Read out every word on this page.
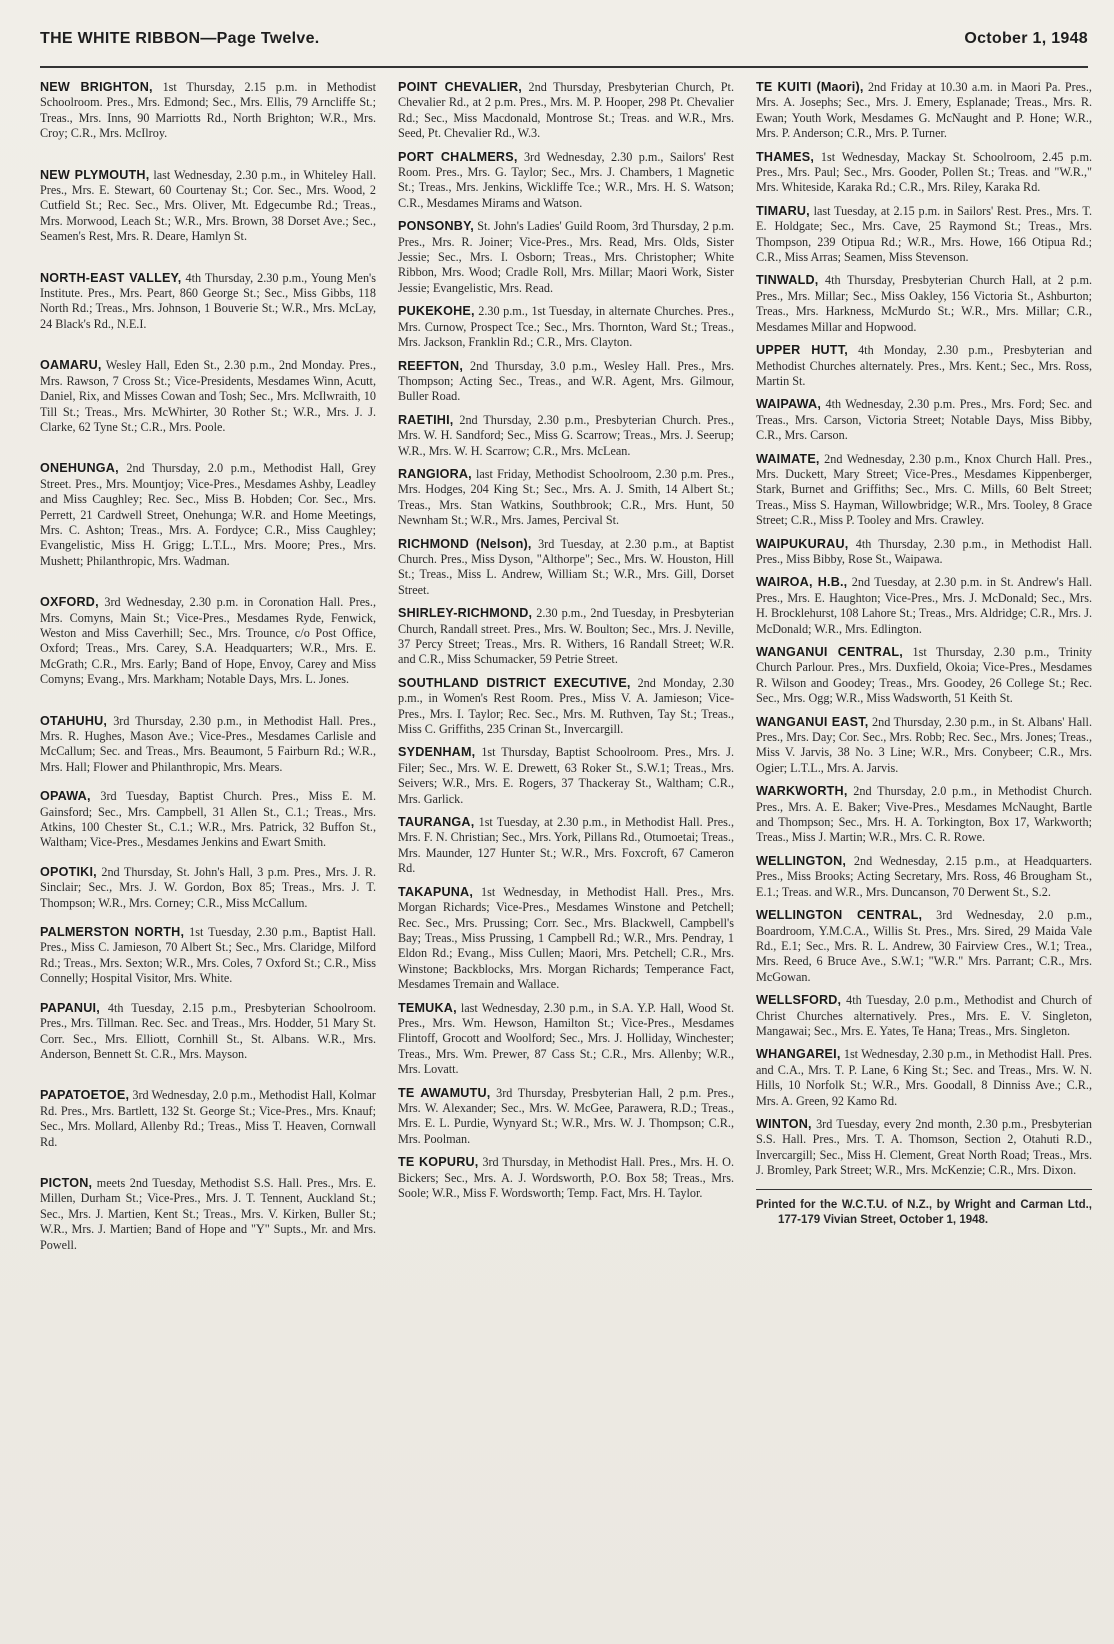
THE WHITE RIBBON—Page Twelve.	October 1, 1948

NEW BRIGHTON, 1st Thursday, 2.15 p.m. in Methodist Schoolroom. Pres., Mrs. Edmond; Sec., Mrs. Ellis, 79 Arncliffe St.; Treas., Mrs. Inns, 90 Marriotts Rd., North Brighton; W.R., Mrs. Croy; C.R., Mrs. McIlroy.

NEW PLYMOUTH, last Wednesday, 2.30 p.m., in Whiteley Hall. Pres., Mrs. E. Stewart, 60 Courtenay St.; Cor. Sec., Mrs. Wood, 2 Cutfield St.; Rec. Sec., Mrs. Oliver, Mt. Edgecumbe Rd.; Treas., Mrs. Morwood, Leach St.; W.R., Mrs. Brown, 38 Dorset Ave.; Sec., Seamen's Rest, Mrs. R. Deare, Hamlyn St.

NORTH-EAST VALLEY, 4th Thursday, 2.30 p.m., Young Men's Institute. Pres., Mrs. Peart, 860 George St.; Sec., Miss Gibbs, 118 North Rd.; Treas., Mrs. Johnson, 1 Bouverie St.; W.R., Mrs. McLay, 24 Black's Rd., N.E.I.

OAMARU, Wesley Hall, Eden St., 2.30 p.m., 2nd Monday. Pres., Mrs. Rawson, 7 Cross St.; Vice-Presidents, Mesdames Winn, Acutt, Daniel, Rix, and Misses Cowan and Tosh; Sec., Mrs. McIlwraith, 10 Till St.; Treas., Mrs. McWhirter, 30 Rother St.; W.R., Mrs. J. J. Clarke, 62 Tyne St.; C.R., Mrs. Poole.

ONEHUNGA, 2nd Thursday, 2.0 p.m., Methodist Hall, Grey Street. Pres., Mrs. Mountjoy; Vice-Pres., Mesdames Ashby, Leadley and Miss Caughley; Rec. Sec., Miss B. Hobden; Cor. Sec., Mrs. Perrett, 21 Cardwell Street, Onehunga; W.R. and Home Meetings, Mrs. C. Ashton; Treas., Mrs. A. Fordyce; C.R., Miss Caughley; Evangelistic, Miss H. Grigg; L.T.L., Mrs. Moore; Pres., Mrs. Mushett; Philanthropic, Mrs. Wadman.

OXFORD, 3rd Wednesday, 2.30 p.m. in Coronation Hall. Pres., Mrs. Comyns, Main St.; Vice-Pres., Mesdames Ryde, Fenwick, Weston and Miss Caverhill; Sec., Mrs. Trounce, c/o Post Office, Oxford; Treas., Mrs. Carey, S.A. Headquarters; W.R., Mrs. E. McGrath; C.R., Mrs. Early; Band of Hope, Envoy, Carey and Miss Comyns; Evang., Mrs. Markham; Notable Days, Mrs. L. Jones.

OTAHUHU, 3rd Thursday, 2.30 p.m., in Methodist Hall. Pres., Mrs. R. Hughes, Mason Ave.; Vice-Pres., Mesdames Carlisle and McCallum; Sec. and Treas., Mrs. Beaumont, 5 Fairburn Rd.; W.R., Mrs. Hall; Flower and Philanthropic, Mrs. Mears.

OPAWA, 3rd Tuesday, Baptist Church. Pres., Miss E. M. Gainsford; Sec., Mrs. Campbell, 31 Allen St., C.1.; Treas., Mrs. Atkins, 100 Chester St., C.1.; W.R., Mrs. Patrick, 32 Buffon St., Waltham; Vice-Pres., Mesdames Jenkins and Ewart Smith.

OPOTIKI, 2nd Thursday, St. John's Hall, 3 p.m. Pres., Mrs. J. R. Sinclair; Sec., Mrs. J. W. Gordon, Box 85; Treas., Mrs. J. T. Thompson; W.R., Mrs. Corney; C.R., Miss McCallum.

PALMERSTON NORTH, 1st Tuesday, 2.30 p.m., Baptist Hall. Pres., Miss C. Jamieson, 70 Albert St.; Sec., Mrs. Claridge, Milford Rd.; Treas., Mrs. Sexton; W.R., Mrs. Coles, 7 Oxford St.; C.R., Miss Connelly; Hospital Visitor, Mrs. White.

PAPANUI, 4th Tuesday, 2.15 p.m., Presbyterian Schoolroom. Pres., Mrs. Tillman. Rec. Sec. and Treas., Mrs. Hodder, 51 Mary St. Corr. Sec., Mrs. Elliott, Cornhill St., St. Albans. W.R., Mrs. Anderson, Bennett St. C.R., Mrs. Mayson.

PAPATOETOE, 3rd Wednesday, 2.0 p.m., Methodist Hall, Kolmar Rd. Pres., Mrs. Bartlett, 132 St. George St.; Vice-Pres., Mrs. Knauf; Sec., Mrs. Mollard, Allenby Rd.; Treas., Miss T. Heaven, Cornwall Rd.

PICTON, meets 2nd Tuesday, Methodist S.S. Hall. Pres., Mrs. E. Millen, Durham St.; Vice-Pres., Mrs. J. T. Tennent, Auckland St.; Sec., Mrs. J. Martien, Kent St.; Treas., Mrs. V. Kirken, Buller St.; W.R., Mrs. J. Martien; Band of Hope and "Y" Supts., Mr. and Mrs. Powell.

POINT CHEVALIER, 2nd Thursday, Presbyterian Church, Pt. Chevalier Rd., at 2 p.m. Pres., Mrs. M. P. Hooper, 298 Pt. Chevalier Rd.; Sec., Miss Macdonald, Montrose St.; Treas. and W.R., Mrs. Seed, Pt. Chevalier Rd., W.3.

PORT CHALMERS, 3rd Wednesday, 2.30 p.m., Sailors' Rest Room. Pres., Mrs. G. Taylor; Sec., Mrs. J. Chambers, 1 Magnetic St.; Treas., Mrs. Jenkins, Wickliffe Tce.; W.R., Mrs. H. S. Watson; C.R., Mesdames Mirams and Watson.

PONSONBY, St. John's Ladies' Guild Room, 3rd Thursday, 2 p.m. Pres., Mrs. R. Joiner; Vice-Pres., Mrs. Read, Mrs. Olds, Sister Jessie; Sec., Mrs. I. Osborn; Treas., Mrs. Christopher; White Ribbon, Mrs. Wood; Cradle Roll, Mrs. Millar; Maori Work, Sister Jessie; Evangelistic, Mrs. Read.

PUKEKOHE, 2.30 p.m., 1st Tuesday, in alternate Churches. Pres., Mrs. Curnow, Prospect Tce.; Sec., Mrs. Thornton, Ward St.; Treas., Mrs. Jackson, Franklin Rd.; C.R., Mrs. Clayton.

REEFTON, 2nd Thursday, 3.0 p.m., Wesley Hall. Pres., Mrs. Thompson; Acting Sec., Treas., and W.R. Agent, Mrs. Gilmour, Buller Road.

RAETIHI, 2nd Thursday, 2.30 p.m., Presbyterian Church. Pres., Mrs. W. H. Sandford; Sec., Miss G. Scarrow; Treas., Mrs. J. Seerup; W.R., Mrs. W. H. Scarrow; C.R., Mrs. McLean.

RANGIORA, last Friday, Methodist Schoolroom, 2.30 p.m. Pres., Mrs. Hodges, 204 King St.; Sec., Mrs. A. J. Smith, 14 Albert St.; Treas., Mrs. Stan Watkins, Southbrook; C.R., Mrs. Hunt, 50 Newnham St.; W.R., Mrs. James, Percival St.

RICHMOND (Nelson), 3rd Tuesday, at 2.30 p.m., at Baptist Church. Pres., Miss Dyson, "Althorpe"; Sec., Mrs. W. Houston, Hill St.; Treas., Miss L. Andrew, William St.; W.R., Mrs. Gill, Dorset Street.

SHIRLEY-RICHMOND, 2.30 p.m., 2nd Tuesday, in Presbyterian Church, Randall street. Pres., Mrs. W. Boulton; Sec., Mrs. J. Neville, 37 Percy Street; Treas., Mrs. R. Withers, 16 Randall Street; W.R. and C.R., Miss Schumacker, 59 Petrie Street.

SOUTHLAND DISTRICT EXECUTIVE, 2nd Monday, 2.30 p.m., in Women's Rest Room. Pres., Miss V. A. Jamieson; Vice-Pres., Mrs. I. Taylor; Rec. Sec., Mrs. M. Ruthven, Tay St.; Treas., Miss C. Griffiths, 235 Crinan St., Invercargill.

SYDENHAM, 1st Thursday, Baptist Schoolroom. Pres., Mrs. J. Filer; Sec., Mrs. W. E. Drewett, 63 Roker St., S.W.1; Treas., Mrs. Seivers; W.R., Mrs. E. Rogers, 37 Thackeray St., Waltham; C.R., Mrs. Garlick.

TAURANGA, 1st Tuesday, at 2.30 p.m., in Methodist Hall. Pres., Mrs. F. N. Christian; Sec., Mrs. York, Pillans Rd., Otumoetai; Treas., Mrs. Maunder, 127 Hunter St.; W.R., Mrs. Foxcroft, 67 Cameron Rd.

TAKAPUNA, 1st Wednesday, in Methodist Hall. Pres., Mrs. Morgan Richards; Vice-Pres., Mesdames Winstone and Petchell; Rec. Sec., Mrs. Prussing; Corr. Sec., Mrs. Blackwell, Campbell's Bay; Treas., Miss Prussing, 1 Campbell Rd.; W.R., Mrs. Pendray, 1 Eldon Rd.; Evang., Miss Cullen; Maori, Mrs. Petchell; C.R., Mrs. Winstone; Backblocks, Mrs. Morgan Richards; Temperance Fact, Mesdames Tremain and Wallace.

TEMUKA, last Wednesday, 2.30 p.m., in S.A. Y.P. Hall, Wood St. Pres., Mrs. Wm. Hewson, Hamilton St.; Vice-Pres., Mesdames Flintoff, Grocott and Woolford; Sec., Mrs. J. Holliday, Winchester; Treas., Mrs. Wm. Prewer, 87 Cass St.; C.R., Mrs. Allenby; W.R., Mrs. Lovatt.

TE AWAMUTU, 3rd Thursday, Presbyterian Hall, 2 p.m. Pres., Mrs. W. Alexander; Sec., Mrs. W. McGee, Parawera, R.D.; Treas., Mrs. E. L. Purdie, Wynyard St.; W.R., Mrs. W. J. Thompson; C.R., Mrs. Poolman.

TE KOPURU, 3rd Thursday, in Methodist Hall. Pres., Mrs. H. O. Bickers; Sec., Mrs. A. J. Wordsworth, P.O. Box 58; Treas., Mrs. Soole; W.R., Miss F. Wordsworth; Temp. Fact, Mrs. H. Taylor.

TE KUITI (Maori), 2nd Friday at 10.30 a.m. in Maori Pa. Pres., Mrs. A. Josephs; Sec., Mrs. J. Emery, Esplanade; Treas., Mrs. R. Ewan; Youth Work, Mesdames G. McNaught and P. Hone; W.R., Mrs. P. Anderson; C.R., Mrs. P. Turner.

THAMES, 1st Wednesday, Mackay St. Schoolroom, 2.45 p.m. Pres., Mrs. Paul; Sec., Mrs. Gooder, Pollen St.; Treas. and "W.R.," Mrs. Whiteside, Karaka Rd.; C.R., Mrs. Riley, Karaka Rd.

TIMARU, last Tuesday, at 2.15 p.m. in Sailors' Rest. Pres., Mrs. T. E. Holdgate; Sec., Mrs. Cave, 25 Raymond St.; Treas., Mrs. Thompson, 239 Otipua Rd.; W.R., Mrs. Howe, 166 Otipua Rd.; C.R., Miss Arras; Seamen, Miss Stevenson.

TINWALD, 4th Thursday, Presbyterian Church Hall, at 2 p.m. Pres., Mrs. Millar; Sec., Miss Oakley, 156 Victoria St., Ashburton; Treas., Mrs. Harkness, McMurdo St.; W.R., Mrs. Millar; C.R., Mesdames Millar and Hopwood.

UPPER HUTT, 4th Monday, 2.30 p.m., Presbyterian and Methodist Churches alternately. Pres., Mrs. Kent.; Sec., Mrs. Ross, Martin St.

WAIPAWA, 4th Wednesday, 2.30 p.m. Pres., Mrs. Ford; Sec. and Treas., Mrs. Carson, Victoria Street; Notable Days, Miss Bibby, C.R., Mrs. Carson.

WAIMATE, 2nd Wednesday, 2.30 p.m., Knox Church Hall. Pres., Mrs. Duckett, Mary Street; Vice-Pres., Mesdames Kippenberger, Stark, Burnet and Griffiths; Sec., Mrs. C. Mills, 60 Belt Street; Treas., Miss S. Hayman, Willowbridge; W.R., Mrs. Tooley, 8 Grace Street; C.R., Miss P. Tooley and Mrs. Crawley.

WAIPUKURAU, 4th Thursday, 2.30 p.m., in Methodist Hall. Pres., Miss Bibby, Rose St., Waipawa.

WAIROA, H.B., 2nd Tuesday, at 2.30 p.m. in St. Andrew's Hall. Pres., Mrs. E. Haughton; Vice-Pres., Mrs. J. McDonald; Sec., Mrs. H. Brocklehurst, 108 Lahore St.; Treas., Mrs. Aldridge; C.R., Mrs. J. McDonald; W.R., Mrs. Edlington.

WANGANUI CENTRAL, 1st Thursday, 2.30 p.m., Trinity Church Parlour. Pres., Mrs. Duxfield, Okoia; Vice-Pres., Mesdames R. Wilson and Goodey; Treas., Mrs. Goodey, 26 College St.; Rec. Sec., Mrs. Ogg; W.R., Miss Wadsworth, 51 Keith St.

WANGANUI EAST, 2nd Thursday, 2.30 p.m., in St. Albans' Hall. Pres., Mrs. Day; Cor. Sec., Mrs. Robb; Rec. Sec., Mrs. Jones; Treas., Miss V. Jarvis, 38 No. 3 Line; W.R., Mrs. Conybeer; C.R., Mrs. Ogier; L.T.L., Mrs. A. Jarvis.

WARKWORTH, 2nd Thursday, 2.0 p.m., in Methodist Church. Pres., Mrs. A. E. Baker; Vive-Pres., Mesdames McNaught, Bartle and Thompson; Sec., Mrs. H. A. Torkington, Box 17, Warkworth; Treas., Miss J. Martin; W.R., Mrs. C. R. Rowe.

WELLINGTON, 2nd Wednesday, 2.15 p.m., at Headquarters. Pres., Miss Brooks; Acting Secretary, Mrs. Ross, 46 Brougham St., E.1.; Treas. and W.R., Mrs. Duncanson, 70 Derwent St., S.2.

WELLINGTON CENTRAL, 3rd Wednesday, 2.0 p.m., Boardroom, Y.M.C.A., Willis St. Pres., Mrs. Sired, 29 Maida Vale Rd., E.1; Sec., Mrs. R. L. Andrew, 30 Fairview Cres., W.1; Trea., Mrs. Reed, 6 Bruce Ave., S.W.1; "W.R." Mrs. Parrant; C.R., Mrs. McGowan.

WELLSFORD, 4th Tuesday, 2.0 p.m., Methodist and Church of Christ Churches alternatively. Pres., Mrs. E. V. Singleton, Mangawai; Sec., Mrs. E. Yates, Te Hana; Treas., Mrs. Singleton.

WHANGAREI, 1st Wednesday, 2.30 p.m., in Methodist Hall. Pres. and C.A., Mrs. T. P. Lane, 6 King St.; Sec. and Treas., Mrs. W. N. Hills, 10 Norfolk St.; W.R., Mrs. Goodall, 8 Dinniss Ave.; C.R., Mrs. A. Green, 92 Kamo Rd.

WINTON, 3rd Tuesday, every 2nd month, 2.30 p.m., Presbyterian S.S. Hall. Pres., Mrs. T. A. Thomson, Section 2, Otahuti R.D., Invercargill; Sec., Miss H. Clement, Great North Road; Treas., Mrs. J. Bromley, Park Street; W.R., Mrs. McKenzie; C.R., Mrs. Dixon.

Printed for the W.C.T.U. of N.Z., by Wright and Carman Ltd., 177-179 Vivian Street, October 1, 1948.
